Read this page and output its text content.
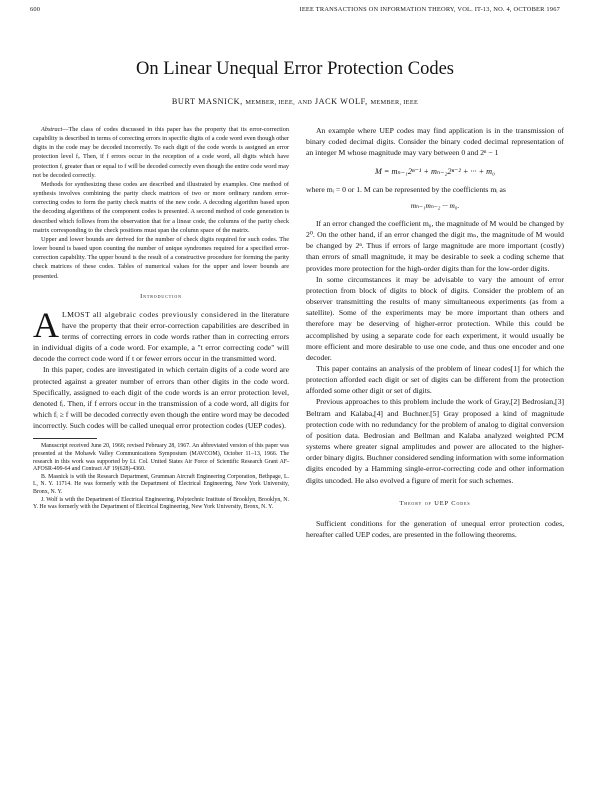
600	IEEE TRANSACTIONS ON INFORMATION THEORY, VOL. IT-13, NO. 4, OCTOBER 1967
On Linear Unequal Error Protection Codes
BURT MASNICK, MEMBER, IEEE, AND JACK WOLF, MEMBER, IEEE

Abstract—The class of codes discussed in this paper has the property that its error-correction capability is described in terms of correcting errors in specific digits of a code word even though other digits in the code may be decoded incorrectly. To each digit of the code words is assigned an error protection level fᵢ. Then, if f errors occur in the reception of a code word, all digits which have protection fᵢ greater than or equal to f will be decoded correctly even though the entire code word may not be decoded correctly.

Methods for synthesizing these codes are described and illustrated by examples. One method of synthesis involves combining the parity check matrices of two or more ordinary random error-correcting codes to form the parity check matrix of the new code. A decoding algorithm based upon the decoding algorithms of the component codes is presented. A second method of code generation is described which follows from the observation that for a linear code, the columns of the parity check matrix corresponding to the check positions must span the column space of the matrix.

Upper and lower bounds are derived for the number of check digits required for such codes. The lower bound is based upon counting the number of unique syndromes required for a specified error-correction capability. The upper bound is the result of a constructive procedure for forming the parity check matrices of these codes. Tables of numerical values for the upper and lower bounds are presented.

Introduction
A LMOST all algebraic codes previously considered in the literature have the property that their error-correction capabilities are described in terms of correcting errors in code words rather than in correcting errors in individual digits of a code word. For example, a "t error correcting code" will decode the correct code word if t or fewer errors occur in the transmitted word.

In this paper, codes are investigated in which certain digits of a code word are protected against a greater number of errors than other digits in the code word. Specifically, assigned to each digit of the code words is an error protection level, denoted fᵢ. Then, if f errors occur in the transmission of a code word, all digits for which fᵢ ≥ f will be decoded correctly even though the entire word may be decoded incorrectly. Such codes will be called unequal error protection codes (UEP codes).

Manuscript received June 20, 1966; revised February 28, 1967. An abbreviated version of this paper was presented at the Mohawk Valley Communications Symposium (MAVCOM), October 11–13, 1966. The research in this work was supported by Lt. Col. United States Air Force of Scientific Research Grant AF-AFOSR-499-64 and Contract AF 19(628)-4360.

B. Masnick is with the Research Department, Grumman Aircraft Engineering Corporation, Bethpage, L. I., N. Y. 11714. He was formerly with the Department of Electrical Engineering, New York University, Bronx, N. Y.

J. Wolf is with the Department of Electrical Engineering, Polytechnic Institute of Brooklyn, Brooklyn, N. Y. He was formerly with the Department of Electrical Engineering, New York University, Bronx, N. Y.

An example where UEP codes may find application is in the transmission of binary coded decimal digits. Consider the binary coded decimal representation of an integer M whose magnitude may vary between 0 and 2ⁿ − 1

M = mₙ₋₁2ⁿ⁻¹ + mₙ₋₂2ⁿ⁻² + ··· + m₀

where mᵢ = 0 or 1. M can be represented by the coefficients mᵢ as

mₙ₋₁mₙ₋₂ ··· m₀.

If an error changed the coefficient m₀, the magnitude of M would be changed by 2⁰. On the other hand, if an error changed the digit mₙ, the magnitude of M would be changed by 2ⁿ. Thus if errors of large magnitude are more important (costly) than errors of small magnitude, it may be desirable to seek a coding scheme that provides more protection for the high-order digits than for the low-order digits.

In some circumstances it may be advisable to vary the amount of error protection from block of digits to block of digits. Consider the problem of an observer transmitting the results of many simultaneous experiments (as from a satellite). Some of the experiments may be more important than others and therefore may be deserving of higher-error protection. While this could be accomplished by using a separate code for each experiment, it would usually be more efficient and more desirable to use one code, and thus one encoder and one decoder.

This paper contains an analysis of the problem of linear codes[1] for which the protection afforded each digit or set of digits can be different from the protection afforded some other digit or set of digits.

Previous approaches to this problem include the work of Gray,[2] Bedrosian,[3] Beltram and Kalaba,[4] and Buchner.[5] Gray proposed a kind of magnitude protection code with no redundancy for the problem of analog to digital conversion of position data. Bedrosian and Bellman and Kalaba analyzed weighted PCM systems where greater signal amplitudes and power are allocated to the higher-order binary digits. Buchner considered sending information with some information digits encoded by a Hamming single-error-correcting code and other information digits uncoded. He also evolved a figure of merit for such schemes.

Theory of UEP Codes

Sufficient conditions for the generation of unequal error protection codes, hereafter called UEP codes, are presented in the following theorems.
